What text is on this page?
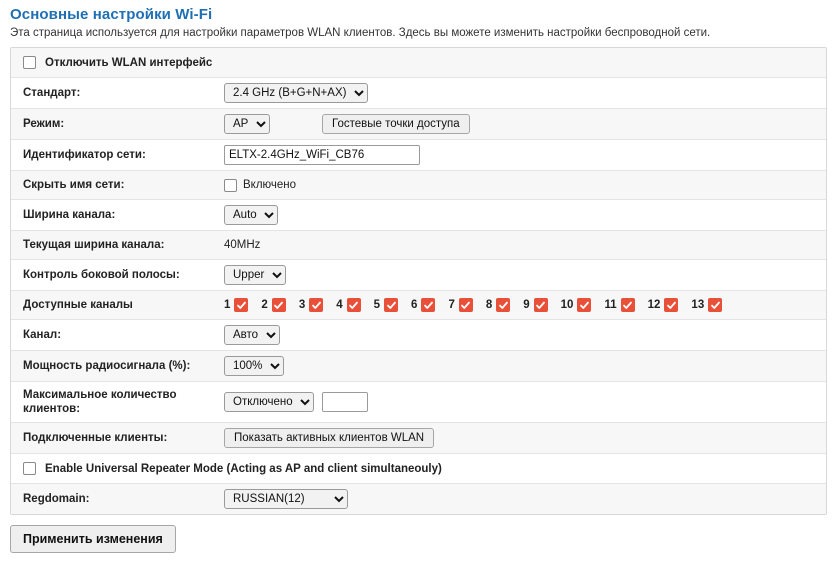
Основные настройки Wi-Fi
Эта страница используется для настройки параметров WLAN клиентов. Здесь вы можете изменить настройки беспроводной сети.
Отключить WLAN интерфейс
Стандарт:
2.4 GHz (B+G+N+AX)
Режим:
AP	Гостевые точки доступа
Идентификатор сети:
ELTX-2.4GHz_WiFi_CB76
Скрыть имя сети:	Включено
Ширина канала:
Auto
Текущая ширина канала:	40MHz
Контроль боковой полосы:
Upper
Доступные каналы	1	2	3	4	5	6	7	8	9	10	11	12	13
Канал:
Авто
Мощность радиосигнала (%):
100%
Максимальное количество клиентов:
Отключено
Подключенные клиенты:	Показать активных клиентов WLAN
Enable Universal Repeater Mode (Acting as AP and client simultaneouly)
Regdomain:
RUSSIAN(12)
Применить изменения
